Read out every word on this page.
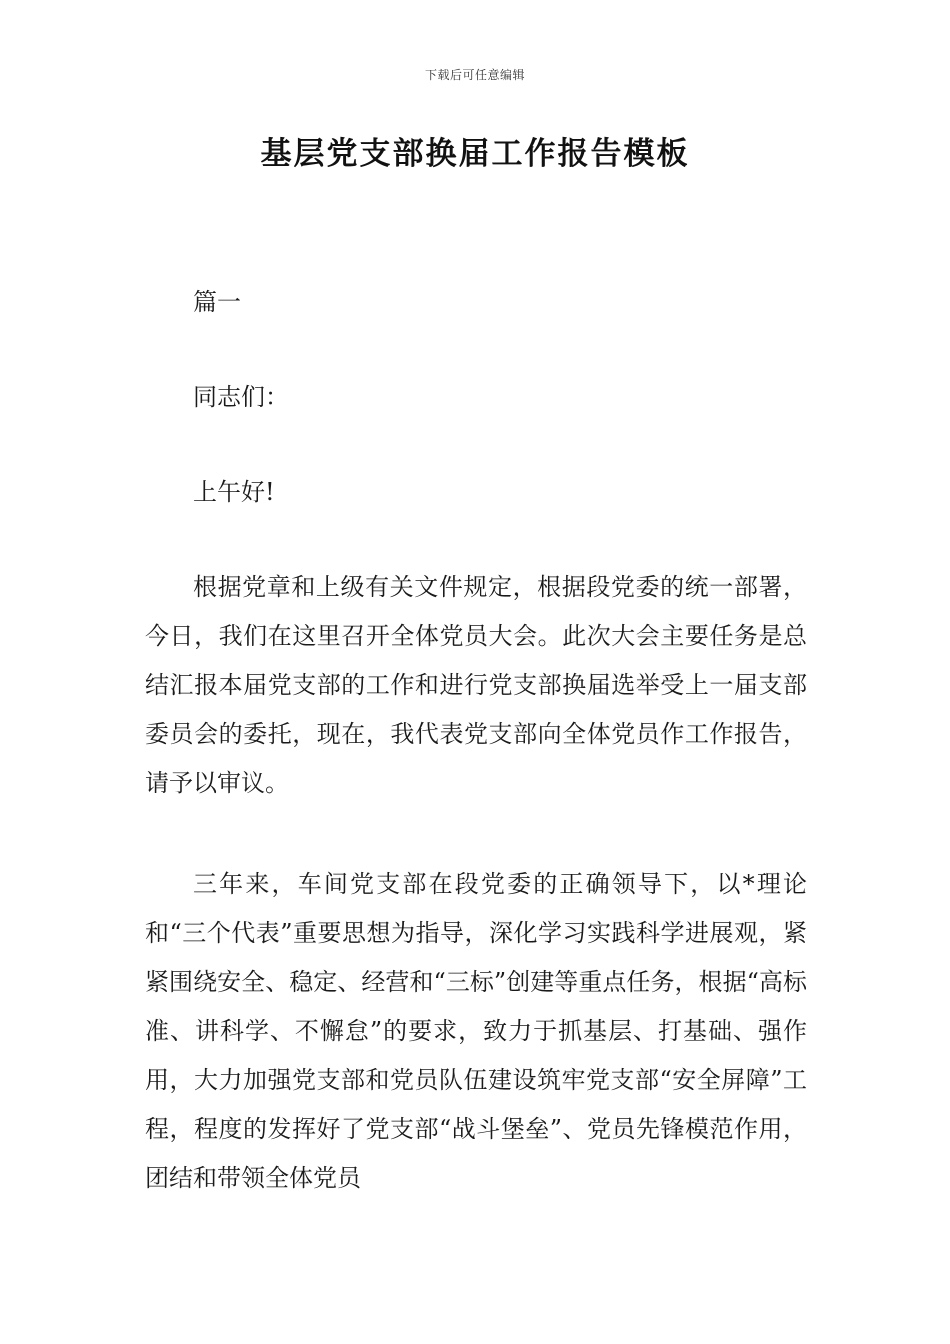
下载后可任意编辑
基层党支部换届工作报告模板

篇一

同志们：

上午好!

根据党章和上级有关文件规定，根据段党委的统一部署，今日，我们在这里召开全体党员大会。此次大会主要任务是总结汇报本届党支部的工作和进行党支部换届选举受上一届支部委员会的委托，现在，我代表党支部向全体党员作工作报告，请予以审议。

三年来，车间党支部在段党委的正确领导下，以*理论和“三个代表”重要思想为指导，深化学习实践科学进展观，紧紧围绕安全、稳定、经营和“三标”创建等重点任务，根据“高标准、讲科学、不懈怠”的要求，致力于抓基层、打基础、强作用，大力加强党支部和党员队伍建设筑牢党支部“安全屏障”工程，程度的发挥好了党支部“战斗堡垒”、党员先锋模范作用，团结和带领全体党员
